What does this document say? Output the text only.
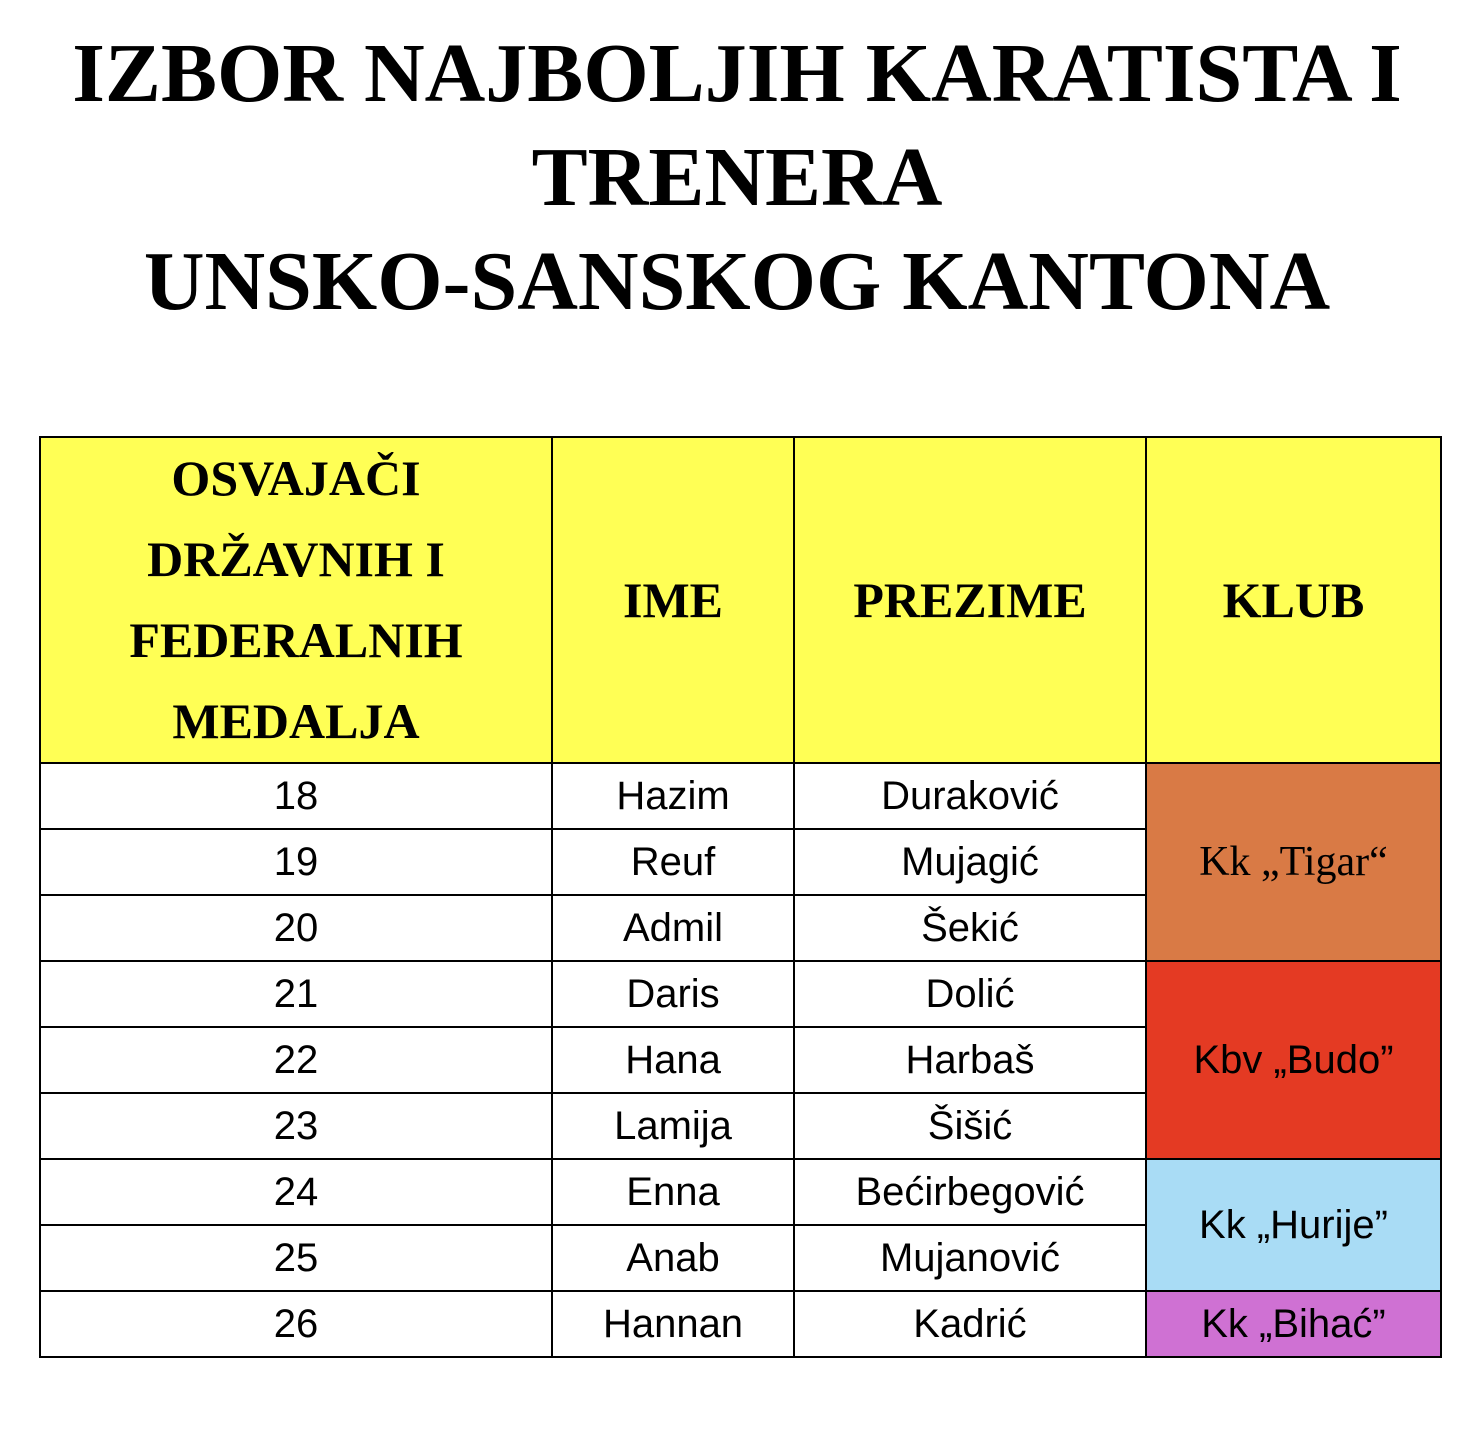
IZBOR NAJBOLJIH KARATISTA I
TRENERA
UNSKO-SANSKOG KANTONA
OSVAJAČI
DRŽAVNIH I
FEDERALNIH
MEDALJA	IME	PREZIME	KLUB
18	Hazim	Duraković	Kk „Tigar“
19	Reuf	Mujagić	
20	Admil	Šekić	
21	Daris	Dolić	Kbv „Budo”
22	Hana	Harbaš	
23	Lamija	Šišić	
24	Enna	Bećirbegović	Kk „Hurije”
25	Anab	Mujanović	
26	Hannan	Kadrić	Kk „Bihać”
